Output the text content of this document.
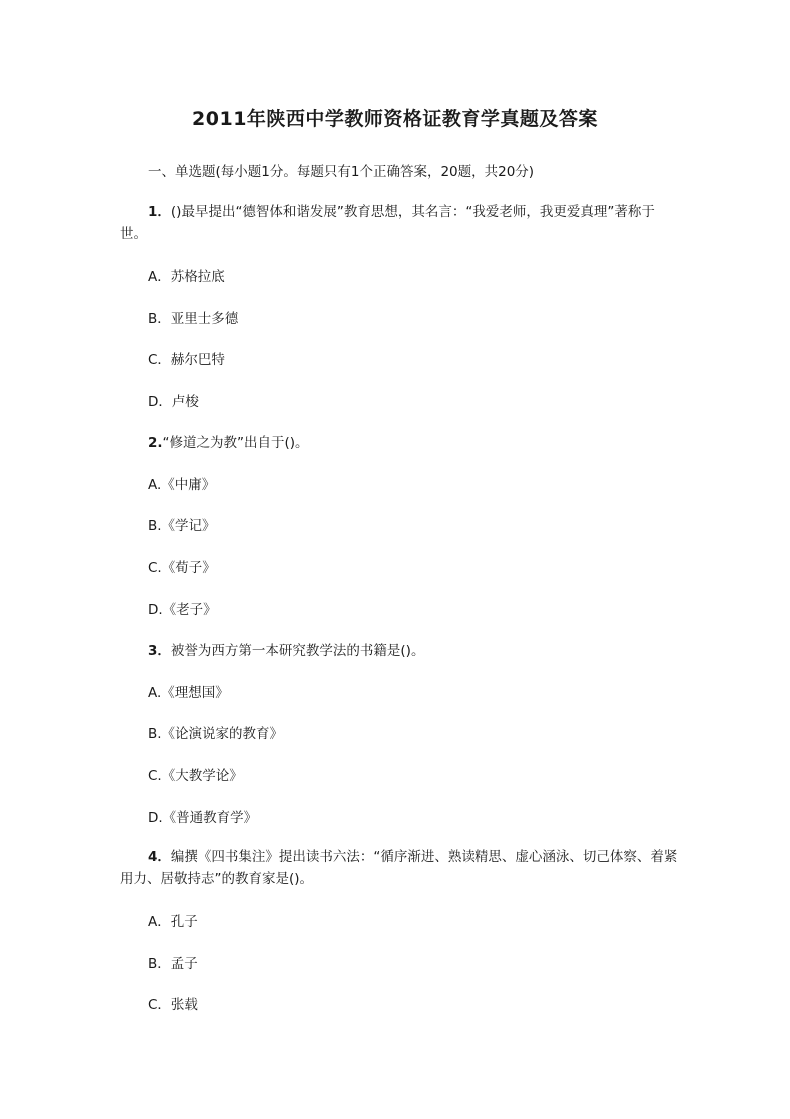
2011年陕西中学教师资格证教育学真题及答案

一、单选题(每小题1分。每题只有1个正确答案，20题，共20分)

1．()最早提出“德智体和谐发展”教育思想，其名言：“我爱老师，我更爱真理”著称于世。

A．苏格拉底

B．亚里士多德

C．赫尔巴特

D．卢梭

2.“修道之为教”出自于()。

A.《中庸》

B.《学记》

C.《荀子》

D.《老子》

3．被誉为西方第一本研究教学法的书籍是()。

A.《理想国》

B.《论演说家的教育》

C.《大教学论》

D.《普通教育学》

4．编撰《四书集注》提出读书六法：“循序渐进、熟读精思、虚心涵泳、切己体察、着紧用力、居敬持志”的教育家是()。

A．孔子

B．孟子

C．张载
